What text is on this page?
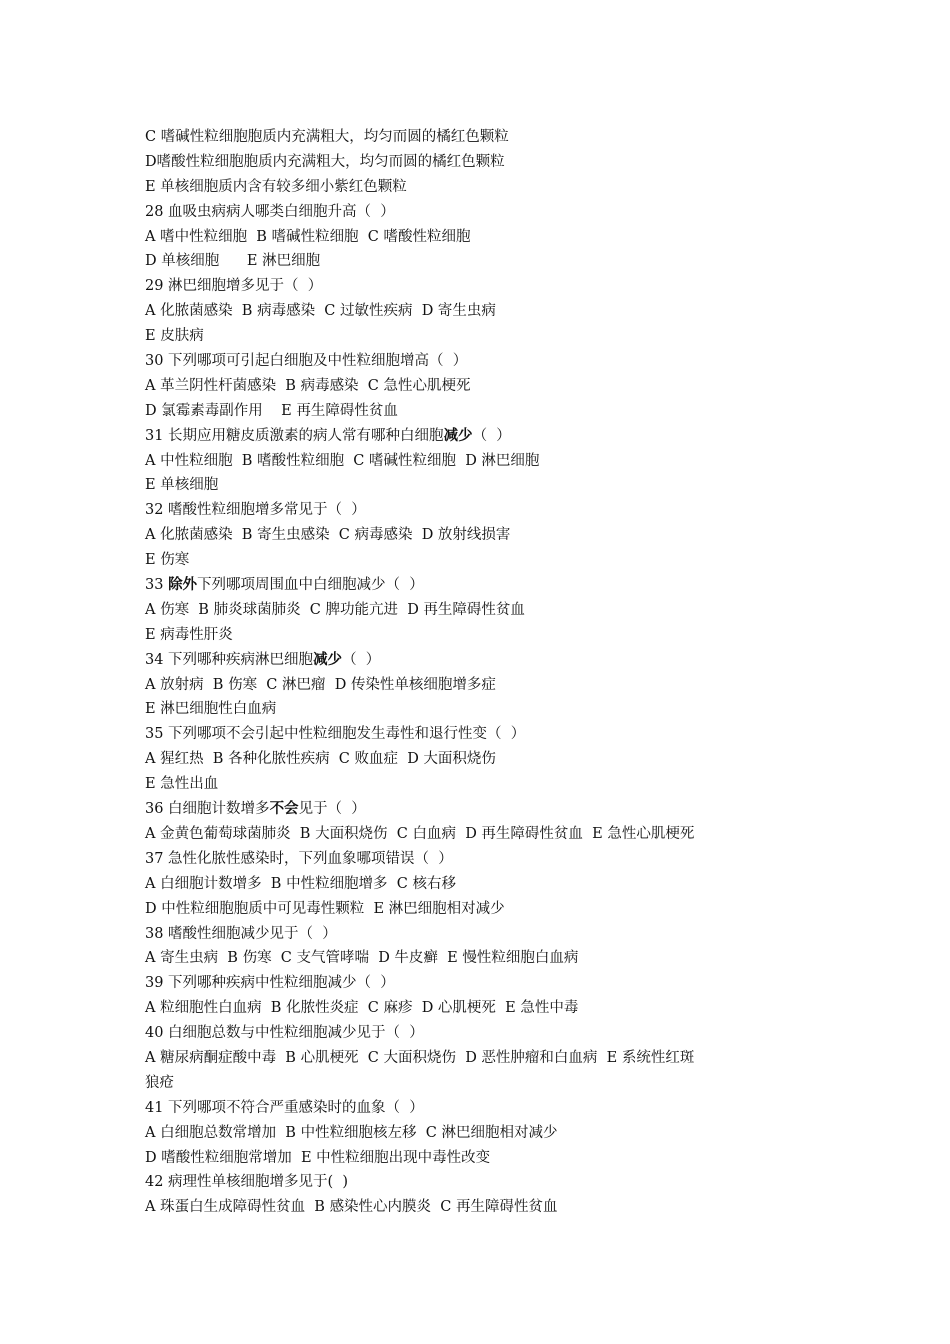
C 嗜碱性粒细胞胞质内充满粗大，均匀而圆的橘红色颗粒
D嗜酸性粒细胞胞质内充满粗大，均匀而圆的橘红色颗粒
E 单核细胞质内含有较多细小紫红色颗粒
28 血吸虫病病人哪类白细胞升高（  ）
A 嗜中性粒细胞  B 嗜碱性粒细胞  C 嗜酸性粒细胞
D 单核细胞      E 淋巴细胞
29 淋巴细胞增多见于（  ）
A 化脓菌感染  B 病毒感染  C 过敏性疾病  D 寄生虫病
E 皮肤病
30 下列哪项可引起白细胞及中性粒细胞增高（  ）
A 革兰阴性杆菌感染  B 病毒感染  C 急性心肌梗死
D 氯霉素毒副作用    E 再生障碍性贫血
31 长期应用糖皮质激素的病人常有哪种白细胞减少（  ）
A 中性粒细胞  B 嗜酸性粒细胞  C 嗜碱性粒细胞  D 淋巴细胞
E 单核细胞
32 嗜酸性粒细胞增多常见于（  ）
A 化脓菌感染  B 寄生虫感染  C 病毒感染  D 放射线损害
E 伤寒
33 除外下列哪项周围血中白细胞减少（  ）
A 伤寒  B 肺炎球菌肺炎  C 脾功能亢进  D 再生障碍性贫血
E 病毒性肝炎
34 下列哪种疾病淋巴细胞减少（  ）
A 放射病  B 伤寒  C 淋巴瘤  D 传染性单核细胞增多症
E 淋巴细胞性白血病
35 下列哪项不会引起中性粒细胞发生毒性和退行性变（  ）
A 猩红热  B 各种化脓性疾病  C 败血症  D 大面积烧伤
E 急性出血
36 白细胞计数增多不会见于（  ）
A 金黄色葡萄球菌肺炎  B 大面积烧伤  C 白血病  D 再生障碍性贫血  E 急性心肌梗死
37 急性化脓性感染时，下列血象哪项错误（  ）
A 白细胞计数增多  B 中性粒细胞增多  C 核右移
D 中性粒细胞胞质中可见毒性颗粒  E 淋巴细胞相对减少
38 嗜酸性细胞减少见于（  ）
A 寄生虫病  B 伤寒  C 支气管哮喘  D 牛皮癣  E 慢性粒细胞白血病
39 下列哪种疾病中性粒细胞减少（  ）
A 粒细胞性白血病  B 化脓性炎症  C 麻疹  D 心肌梗死  E 急性中毒
40 白细胞总数与中性粒细胞减少见于（  ）
A 糖尿病酮症酸中毒  B 心肌梗死  C 大面积烧伤  D 恶性肿瘤和白血病  E 系统性红斑
狼疮
41 下列哪项不符合严重感染时的血象（  ）
A 白细胞总数常增加  B 中性粒细胞核左移  C 淋巴细胞相对减少
D 嗜酸性粒细胞常增加  E 中性粒细胞出现中毒性改变
42 病理性单核细胞增多见于(  )
A 珠蛋白生成障碍性贫血  B 感染性心内膜炎  C 再生障碍性贫血
